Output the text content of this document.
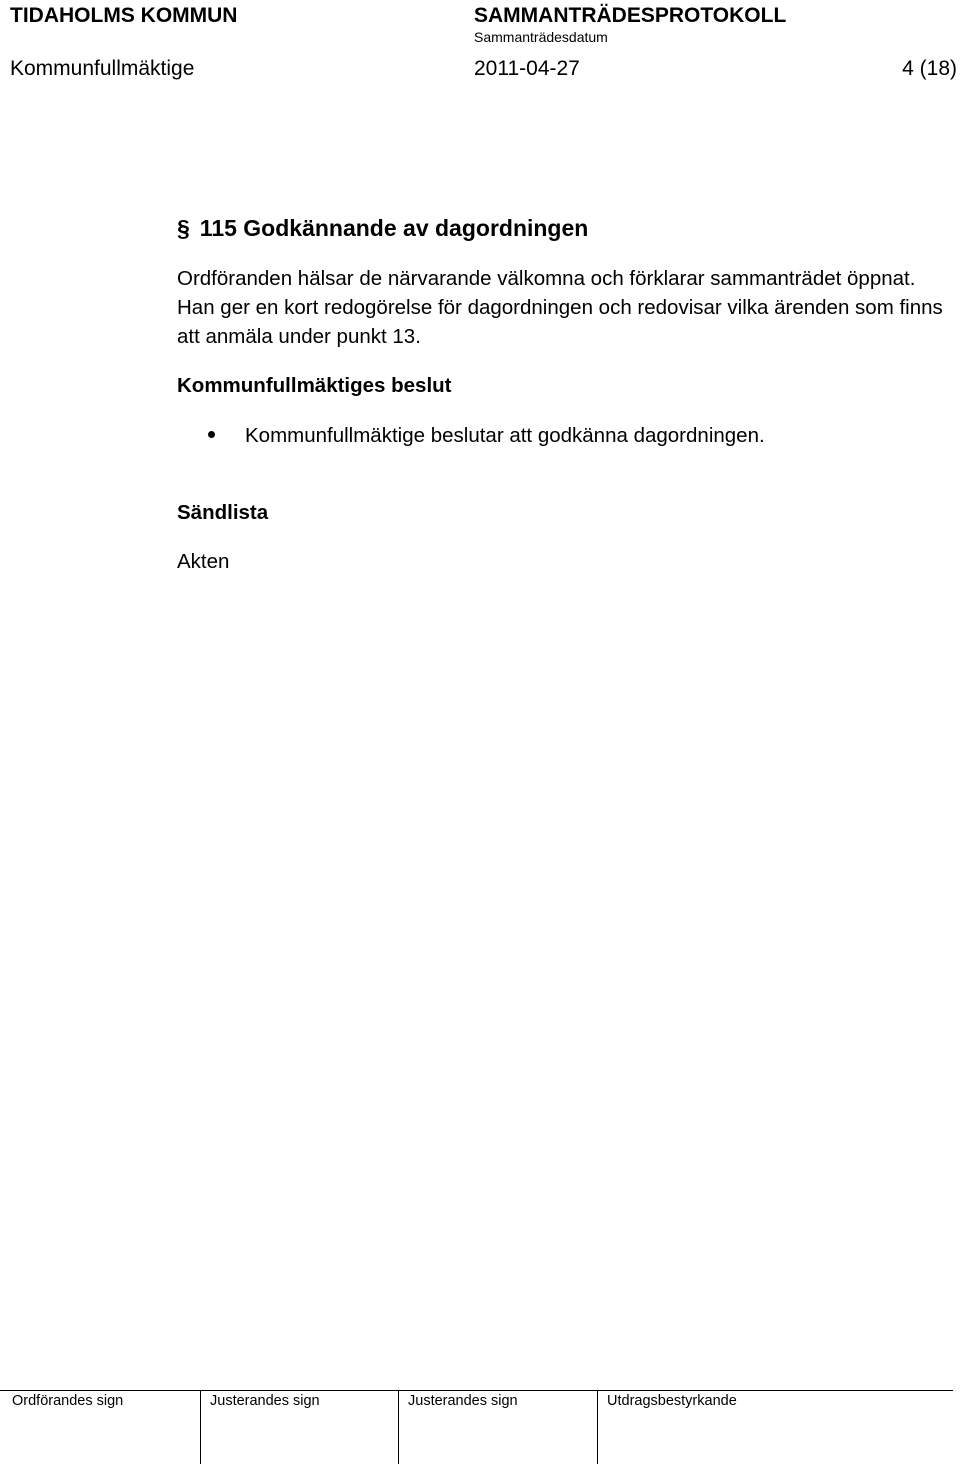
TIDAHOLMS KOMMUN	SAMMANTRÄDESPROTOKOLL
Sammanträdesdatum
Kommunfullmäktige	2011-04-27	4 (18)
§ 115 Godkännande av dagordningen
Ordföranden hälsar de närvarande välkomna och förklarar sammanträdet öppnat. Han ger en kort redogörelse för dagordningen och redovisar vilka ärenden som finns att anmäla under punkt 13.
Kommunfullmäktiges beslut
Kommunfullmäktige beslutar att godkänna dagordningen.
Sändlista
Akten
Ordförandes sign	Justerandes sign	Justerandes sign	Utdragsbestyrkande
